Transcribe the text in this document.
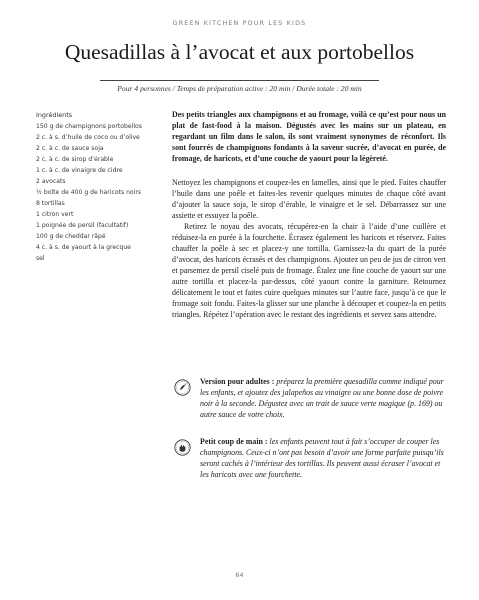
GREEN KITCHEN POUR LES KIDS
Quesadillas à l’avocat et aux portobellos
Pour 4 personnes / Temps de préparation active : 20 min / Durée totale : 20 min
Ingrédients
150 g de champignons portobellos
2 c. à s. d’huile de coco ou d’olive
2 c. à c. de sauce soja
2 c. à c. de sirop d’érable
1 c. à c. de vinaigre de cidre
2 avocats
½ boîte de 400 g de haricots noirs
8 tortillas
1 citron vert
1 poignée de persil (facultatif)
100 g de cheddar râpé
4 c. à s. de yaourt à la grecque
sel

Des petits triangles aux champignons et au fromage, voilà ce qu’est pour nous un plat de fast-food à la maison. Dégustés avec les mains sur un plateau, en regardant un film dans le salon, ils sont vraiment synonymes de réconfort. Ils sont fourrés de champignons fondants à la saveur sucrée, d’avocat en purée, de fromage, de haricots, et d’une couche de yaourt pour la légèreté.

Nettoyez les champignons et coupez-les en lamelles, ainsi que le pied. Faites chauffer l’huile dans une poêle et faites-les revenir quelques minutes de chaque côté avant d’ajouter la sauce soja, le sirop d’érable, le vinaigre et le sel. Débarrassez sur une assiette et essuyez la poêle.

Retirez le noyau des avocats, récupérez-en la chair à l’aide d’une cuillère et réduisez-la en purée à la fourchette. Écrasez également les haricots et réservez. Faites chauffer la poêle à sec et placez-y une tortilla. Garnissez-la du quart de la purée d’avocat, des haricots écrasés et des champignons. Ajoutez un peu de jus de citron vert et parsemez de persil ciselé puis de fromage. Étalez une fine couche de yaourt sur une autre tortilla et placez-la par-dessus, côté yaourt contre la garniture. Retournez délicatement le tout et faites cuire quelques minutes sur l’autre face, jusqu’à ce que le fromage soit fondu. Faites-la glisser sur une planche à découper et coupez-la en petits triangles. Répétez l’opération avec le restant des ingrédients et servez sans attendre.

Version pour adultes : préparez la première quesadilla comme indiqué pour les enfants, et ajoutez des jalapeños au vinaigre ou une bonne dose de poivre noir à la seconde. Dégustez avec un trait de sauce verte magique (p. 169) ou autre sauce de votre choix.
Petit coup de main : les enfants peuvent tout à fait s’occuper de couper les champignons. Ceux-ci n’ont pas besoin d’avoir une forme parfaite puisqu’ils seront cachés à l’intérieur des tortillas. Ils peuvent aussi écraser l’avocat et les haricots avec une fourchette.
64
